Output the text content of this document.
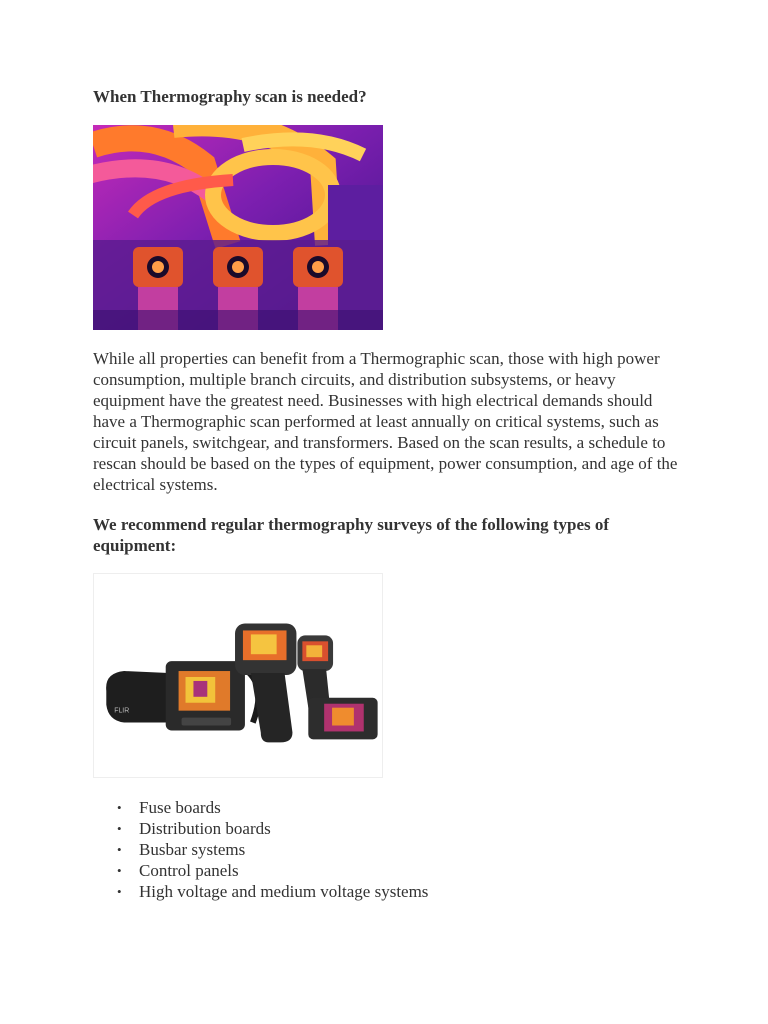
When Thermography scan is needed?

While all properties can benefit from a Thermographic scan, those with high power consumption, multiple branch circuits, and distribution subsystems, or heavy equipment have the greatest need. Businesses with high electrical demands should have a Thermographic scan performed at least annually on critical systems, such as circuit panels, switchgear, and transformers. Based on the scan results, a schedule to rescan should be based on the types of equipment, power consumption, and age of the electrical systems.

We recommend regular thermography surveys of the following types of equipment:
FLIR
• Fuse boards
• Distribution boards
• Busbar systems
• Control panels
• High voltage and medium voltage systems
